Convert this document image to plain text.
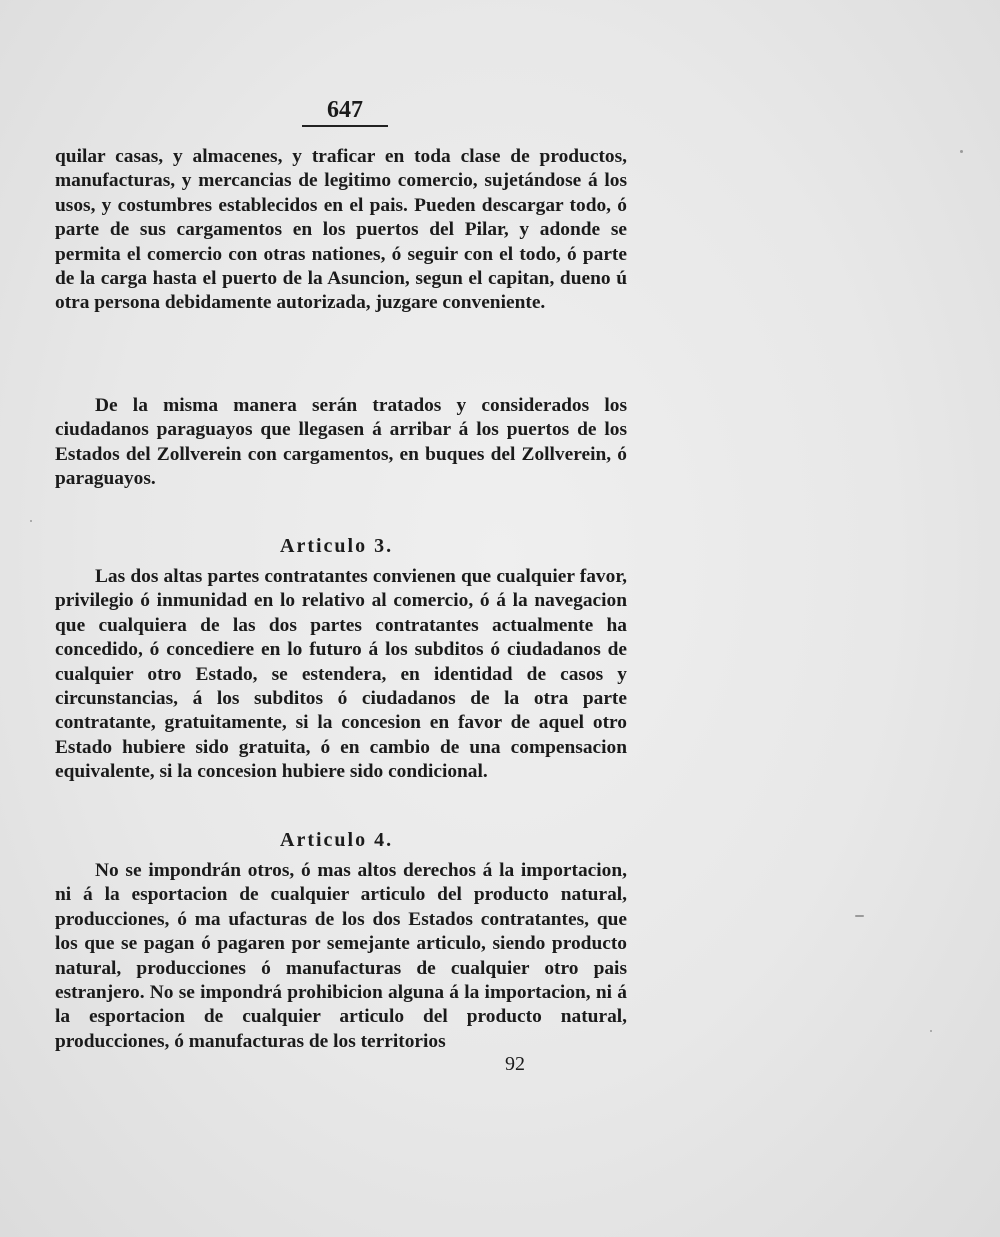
647

quilar casas, y almacenes, y traficar en toda clase de productos, manufacturas, y mercancias de legitimo comercio, sujetándose á los usos, y costumbres establecidos en el pais. Pueden descargar todo, ó parte de sus cargamentos en los puertos del Pilar, y adonde se permita el comercio con otras nationes, ó seguir con el todo, ó parte de la carga hasta el puerto de la Asuncion, segun el capitan, dueno ú otra persona debidamente autorizada, juzgare conveniente.

De la misma manera serán tratados y considerados los ciudadanos paraguayos que llegasen á arribar á los puertos de los Estados del Zollverein con cargamentos, en buques del Zollverein, ó paraguayos.

Articulo 3.

Las dos altas partes contratantes convienen que cualquier favor, privilegio ó inmunidad en lo relativo al comercio, ó á la navegacion que cualquiera de las dos partes contratantes actualmente ha concedido, ó concediere en lo futuro á los subditos ó ciudadanos de cualquier otro Estado, se estendera, en identidad de casos y circunstancias, á los subditos ó ciudadanos de la otra parte contratante, gratuitamente, si la concesion en favor de aquel otro Estado hubiere sido gratuita, ó en cambio de una compensacion equivalente, si la concesion hubiere sido condicional.

Articulo 4.

No se impondrán otros, ó mas altos derechos á la importacion, ni á la esportacion de cualquier articulo del producto natural, producciones, ó ma ufacturas de los dos Estados contratantes, que los que se pagan ó pagaren por semejante articulo, siendo producto natural, producciones ó manufacturas de cualquier otro pais estranjero. No se impondrá prohibicion alguna á la importacion, ni á la esportacion de cualquier articulo del producto natural, producciones, ó manufacturas de los territorios

92
